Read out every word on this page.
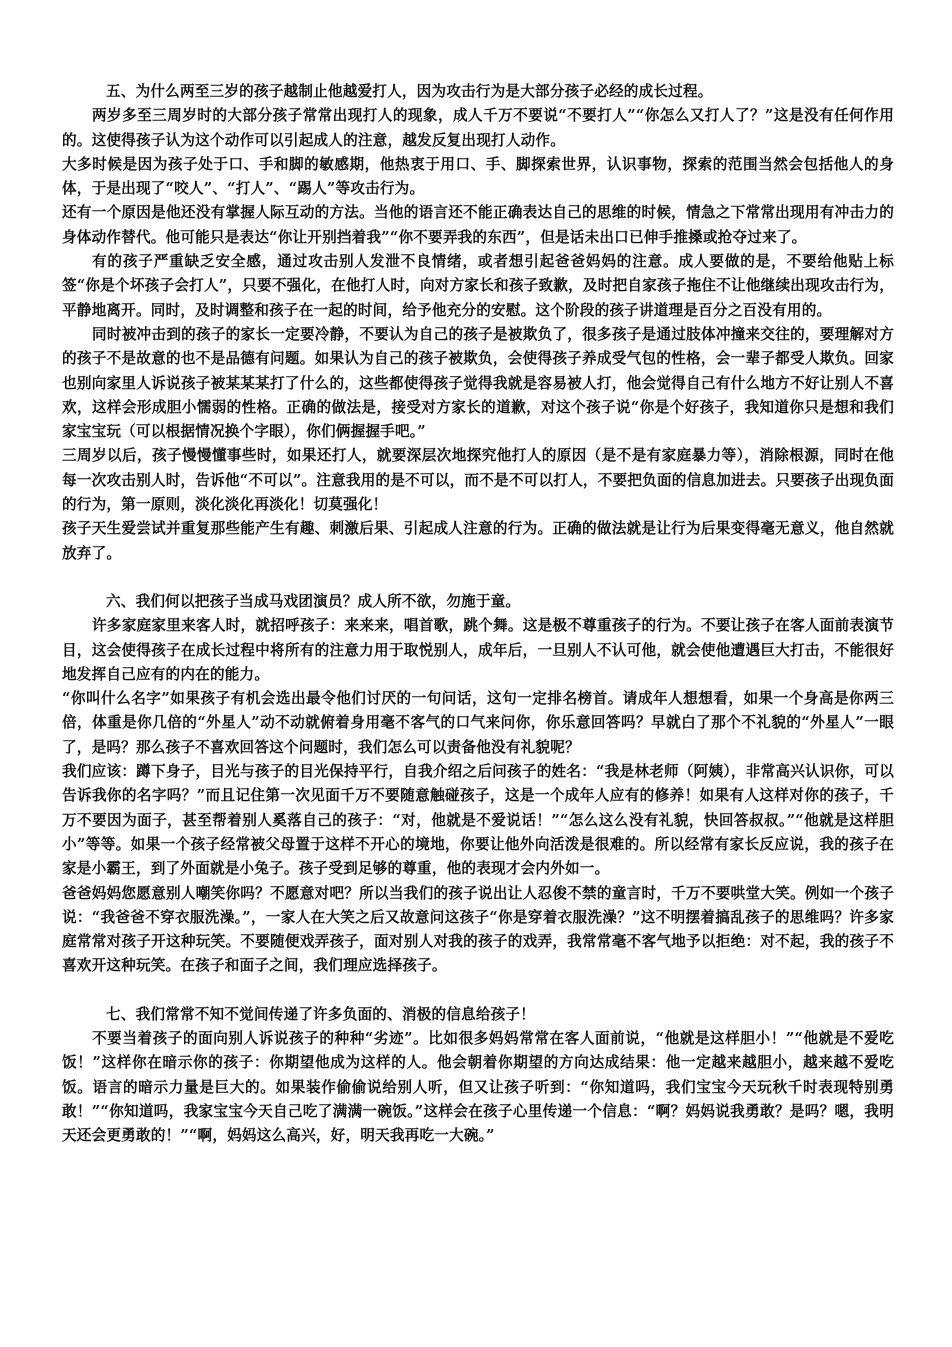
五、为什么两至三岁的孩子越制止他越爱打人，因为攻击行为是大部分孩子必经的成长过程。

两岁多至三周岁时的大部分孩子常常出现打人的现象，成人千万不要说“不要打人”“你怎么又打人了？”这是没有任何作用的。这使得孩子认为这个动作可以引起成人的注意，越发反复出现打人动作。

大多时候是因为孩子处于口、手和脚的敏感期，他热衷于用口、手、脚探索世界，认识事物，探索的范围当然会包括他人的身体，于是出现了“咬人”、“打人”、“踢人”等攻击行为。

还有一个原因是他还没有掌握人际互动的方法。当他的语言还不能正确表达自己的思维的时候，情急之下常常出现用有冲击力的身体动作替代。他可能只是表达“你让开别挡着我”“你不要弄我的东西”，但是话未出口已伸手推搡或抢夺过来了。

有的孩子严重缺乏安全感，通过攻击别人发泄不良情绪，或者想引起爸爸妈妈的注意。成人要做的是，不要给他贴上标签“你是个坏孩子会打人”，只要不强化，在他打人时，向对方家长和孩子致歉，及时把自家孩子拖住不让他继续出现攻击行为，平静地离开。同时，及时调整和孩子在一起的时间，给予他充分的安慰。这个阶段的孩子讲道理是百分之百没有用的。

同时被冲击到的孩子的家长一定要冷静，不要认为自己的孩子是被欺负了，很多孩子是通过肢体冲撞来交往的，要理解对方的孩子不是故意的也不是品德有问题。如果认为自己的孩子被欺负，会使得孩子养成受气包的性格，会一辈子都受人欺负。回家也别向家里人诉说孩子被某某某打了什么的，这些都使得孩子觉得我就是容易被人打，他会觉得自己有什么地方不好让别人不喜欢，这样会形成胆小懦弱的性格。正确的做法是，接受对方家长的道歉，对这个孩子说“你是个好孩子，我知道你只是想和我们家宝宝玩（可以根据情况换个字眼），你们俩握握手吧。”

三周岁以后，孩子慢慢懂事些时，如果还打人，就要深层次地探究他打人的原因（是不是有家庭暴力等），消除根源，同时在他每一次攻击别人时，告诉他“不可以”。注意我用的是不可以，而不是不可以打人，不要把负面的信息加进去。只要孩子出现负面的行为，第一原则，淡化淡化再淡化！切莫强化！

孩子天生爱尝试并重复那些能产生有趣、刺激后果、引起成人注意的行为。正确的做法就是让行为后果变得毫无意义，他自然就放弃了。

六、我们何以把孩子当成马戏团演员？成人所不欲，勿施于童。

许多家庭家里来客人时，就招呼孩子：来来来，唱首歌，跳个舞。这是极不尊重孩子的行为。不要让孩子在客人面前表演节目，这会使得孩子在成长过程中将所有的注意力用于取悦别人，成年后，一旦别人不认可他，就会使他遭遇巨大打击，不能很好地发挥自己应有的内在的能力。

“你叫什么名字”如果孩子有机会选出最令他们讨厌的一句问话，这句一定排名榜首。请成年人想想看，如果一个身高是你两三倍，体重是你几倍的“外星人”动不动就俯着身用毫不客气的口气来问你，你乐意回答吗？早就白了那个不礼貌的“外星人”一眼了，是吗？那么孩子不喜欢回答这个问题时，我们怎么可以责备他没有礼貌呢？

我们应该：蹲下身子，目光与孩子的目光保持平行，自我介绍之后问孩子的姓名：“我是林老师（阿姨），非常高兴认识你，可以告诉我你的名字吗？”而且记住第一次见面千万不要随意触碰孩子，这是一个成年人应有的修养！如果有人这样对你的孩子，千万不要因为面子，甚至帮着别人奚落自己的孩子：“对，他就是不爱说话！”“怎么这么没有礼貌，快回答叔叔。”“他就是这样胆小”等等。如果一个孩子经常被父母置于这样不开心的境地，你要让他外向活泼是很难的。所以经常有家长反应说，我的孩子在家是小霸王，到了外面就是小兔子。孩子受到足够的尊重，他的表现才会内外如一。

爸爸妈妈您愿意别人嘲笑你吗？不愿意对吧？所以当我们的孩子说出让人忍俊不禁的童言时，千万不要哄堂大笑。例如一个孩子说：“我爸爸不穿衣服洗澡。”，一家人在大笑之后又故意问这孩子“你是穿着衣服洗澡？”这不明摆着搞乱孩子的思维吗？许多家庭常常对孩子开这种玩笑。不要随便戏弄孩子，面对别人对我的孩子的戏弄，我常常毫不客气地予以拒绝：对不起，我的孩子不喜欢开这种玩笑。在孩子和面子之间，我们理应选择孩子。

七、我们常常不知不觉间传递了许多负面的、消极的信息给孩子！

不要当着孩子的面向别人诉说孩子的种种“劣迹”。比如很多妈妈常常在客人面前说，“他就是这样胆小！”“他就是不爱吃饭！”这样你在暗示你的孩子：你期望他成为这样的人。他会朝着你期望的方向达成结果：他一定越来越胆小，越来越不爱吃饭。语言的暗示力量是巨大的。如果装作偷偷说给别人听，但又让孩子听到：“你知道吗，我们宝宝今天玩秋千时表现特别勇敢！”“你知道吗，我家宝宝今天自己吃了满满一碗饭。”这样会在孩子心里传递一个信息：“啊？妈妈说我勇敢？是吗？嗯，我明天还会更勇敢的！”“啊，妈妈这么高兴，好，明天我再吃一大碗。”
